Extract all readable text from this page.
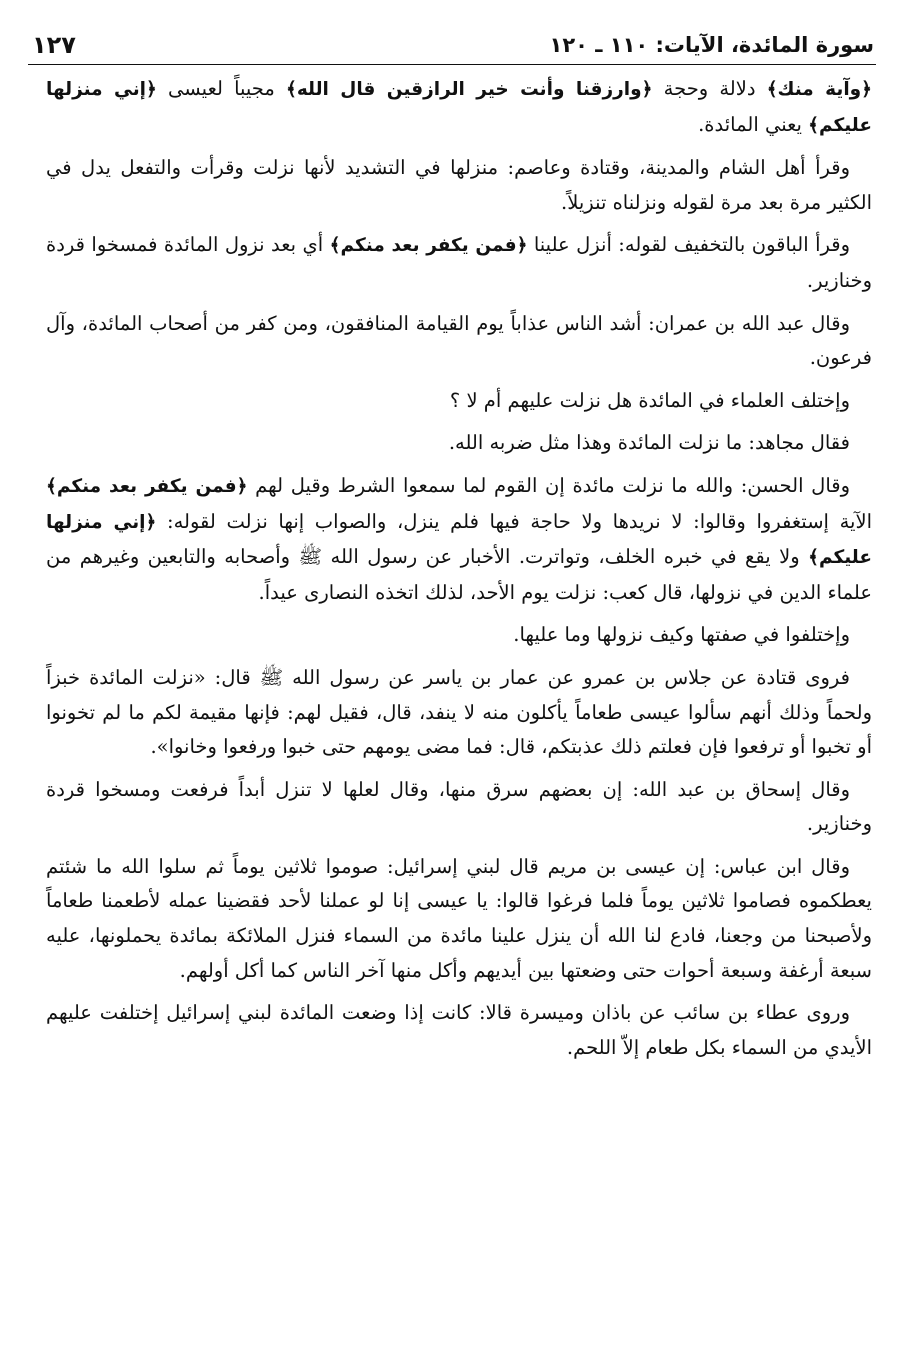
سورة المائدة، الآيات: ١١٠ ـ ١٢٠
١٢٧

﴿وآية منك﴾ دلالة وحجة ﴿وارزقنا وأنت خير الرازقين قال الله﴾ مجيباً لعيسى ﴿إني منزلها عليكم﴾ يعني المائدة.

وقرأ أهل الشام والمدينة، وقتادة وعاصم: منزلها في التشديد لأنها نزلت وقرأت والتفعل يدل في الكثير مرة بعد مرة لقوله ونزلناه تنزيلاً.

وقرأ الباقون بالتخفيف لقوله: أنزل علينا ﴿فمن يكفر بعد منكم﴾ أي بعد نزول المائدة فمسخوا قردة وخنازير.

وقال عبد الله بن عمران: أشد الناس عذاباً يوم القيامة المنافقون، ومن كفر من أصحاب المائدة، وآل فرعون.

وإختلف العلماء في المائدة هل نزلت عليهم أم لا ؟

فقال مجاهد: ما نزلت المائدة وهذا مثل ضربه الله.

وقال الحسن: والله ما نزلت مائدة إن القوم لما سمعوا الشرط وقيل لهم ﴿فمن يكفر بعد منكم﴾ الآية إستغفروا وقالوا: لا نريدها ولا حاجة فيها فلم ينزل، والصواب إنها نزلت لقوله: ﴿إني منزلها عليكم﴾ ولا يقع في خبره الخلف، وتواترت. الأخبار عن رسول الله ﷺ وأصحابه والتابعين وغيرهم من علماء الدين في نزولها، قال كعب: نزلت يوم الأحد، لذلك اتخذه النصارى عيداً.

وإختلفوا في صفتها وكيف نزولها وما عليها.

فروى قتادة عن جلاس بن عمرو عن عمار بن ياسر عن رسول الله ﷺ قال: «نزلت المائدة خبزاً ولحماً وذلك أنهم سألوا عيسى طعاماً يأكلون منه لا ينفد، قال، فقيل لهم: فإنها مقيمة لكم ما لم تخونوا أو تخبوا أو ترفعوا فإن فعلتم ذلك عذبتكم، قال: فما مضى يومهم حتى خبوا ورفعوا وخانوا».

وقال إسحاق بن عبد الله: إن بعضهم سرق منها، وقال لعلها لا تنزل أبداً فرفعت ومسخوا قردة وخنازير.

وقال ابن عباس: إن عيسى بن مريم قال لبني إسرائيل: صوموا ثلاثين يوماً ثم سلوا الله ما شئتم يعطكموه فصاموا ثلاثين يوماً فلما فرغوا قالوا: يا عيسى إنا لو عملنا لأحد فقضينا عمله لأطعمنا طعاماً ولأصبحنا من وجعنا، فادع لنا الله أن ينزل علينا مائدة من السماء فنزل الملائكة بمائدة يحملونها، عليه سبعة أرغفة وسبعة أحوات حتى وضعتها بين أيديهم وأكل منها آخر الناس كما أكل أولهم.

وروى عطاء بن سائب عن باذان وميسرة قالا: كانت إذا وضعت المائدة لبني إسرائيل إختلفت عليهم الأيدي من السماء بكل طعام إلاّ اللحم.
